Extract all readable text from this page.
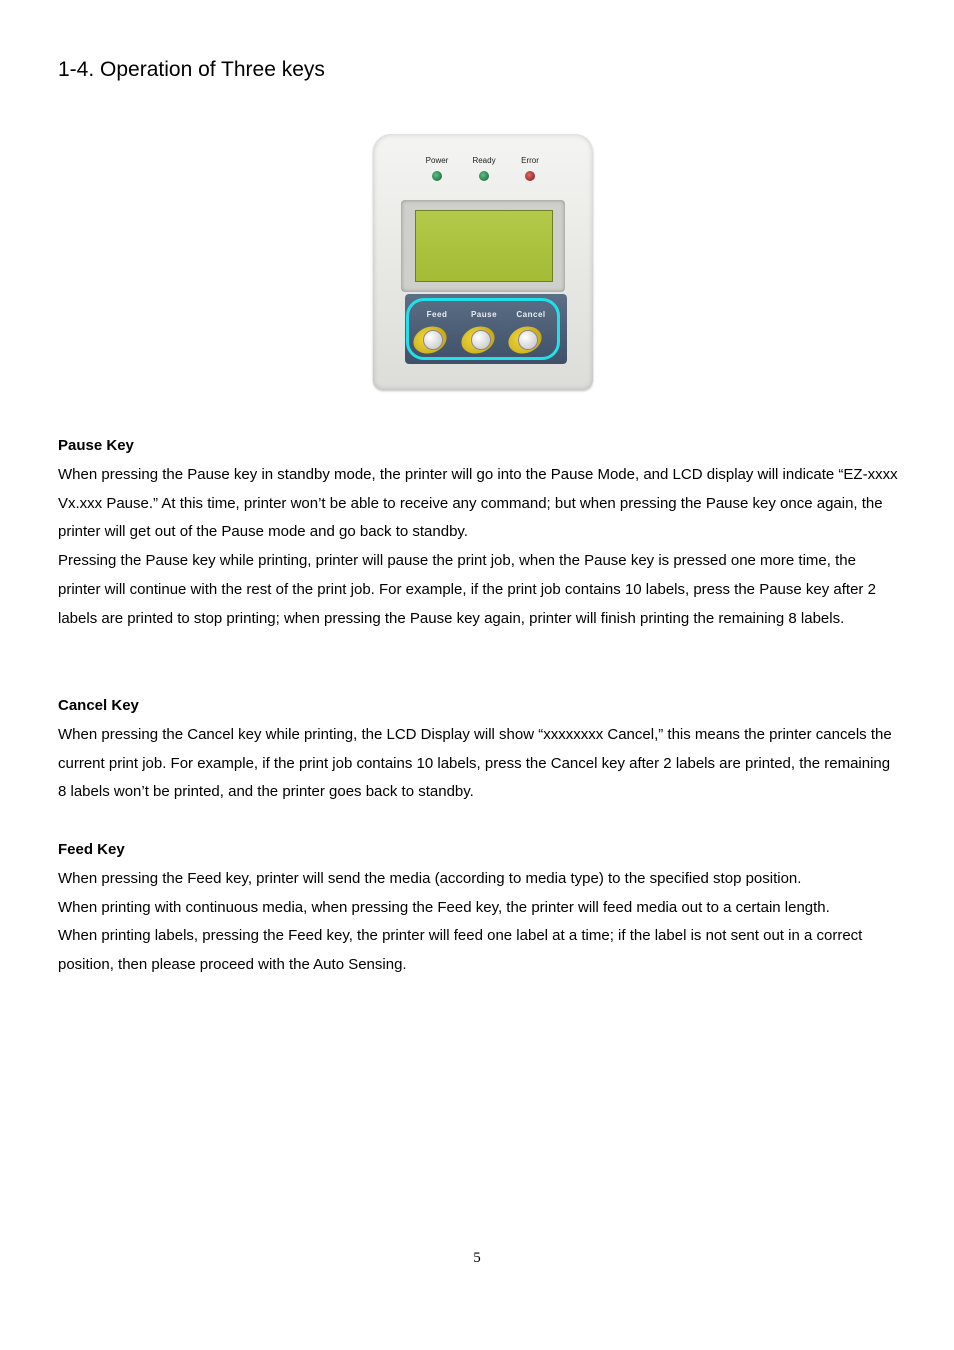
1-4. Operation of Three keys
Power	Ready	Error
Feed	Pause	Cancel
Pause Key

When pressing the Pause key in standby mode, the printer will go into the Pause Mode, and LCD display will indicate “EZ-xxxx Vx.xxx Pause.” At this time, printer won’t be able to receive any command; but when pressing the Pause key once again, the printer will get out of the Pause mode and go back to standby.

Pressing the Pause key while printing, printer will pause the print job, when the Pause key is pressed one more time, the printer will continue with the rest of the print job. For example, if the print job contains 10 labels, press the Pause key after 2 labels are printed to stop printing; when pressing the Pause key again, printer will finish printing the remaining 8 labels.

Cancel Key

When pressing the Cancel key while printing, the LCD Display will show “xxxxxxxx Cancel,” this means the printer cancels the current print job. For example, if the print job contains 10 labels, press the Cancel key after 2 labels are printed, the remaining 8 labels won’t be printed, and the printer goes back to standby.

Feed Key

When pressing the Feed key, printer will send the media (according to media type) to the specified stop position.

When printing with continuous media, when pressing the Feed key, the printer will feed media out to a certain length.

When printing labels, pressing the Feed key, the printer will feed one label at a time; if the label is not sent out in a correct position, then please proceed with the Auto Sensing.

5
